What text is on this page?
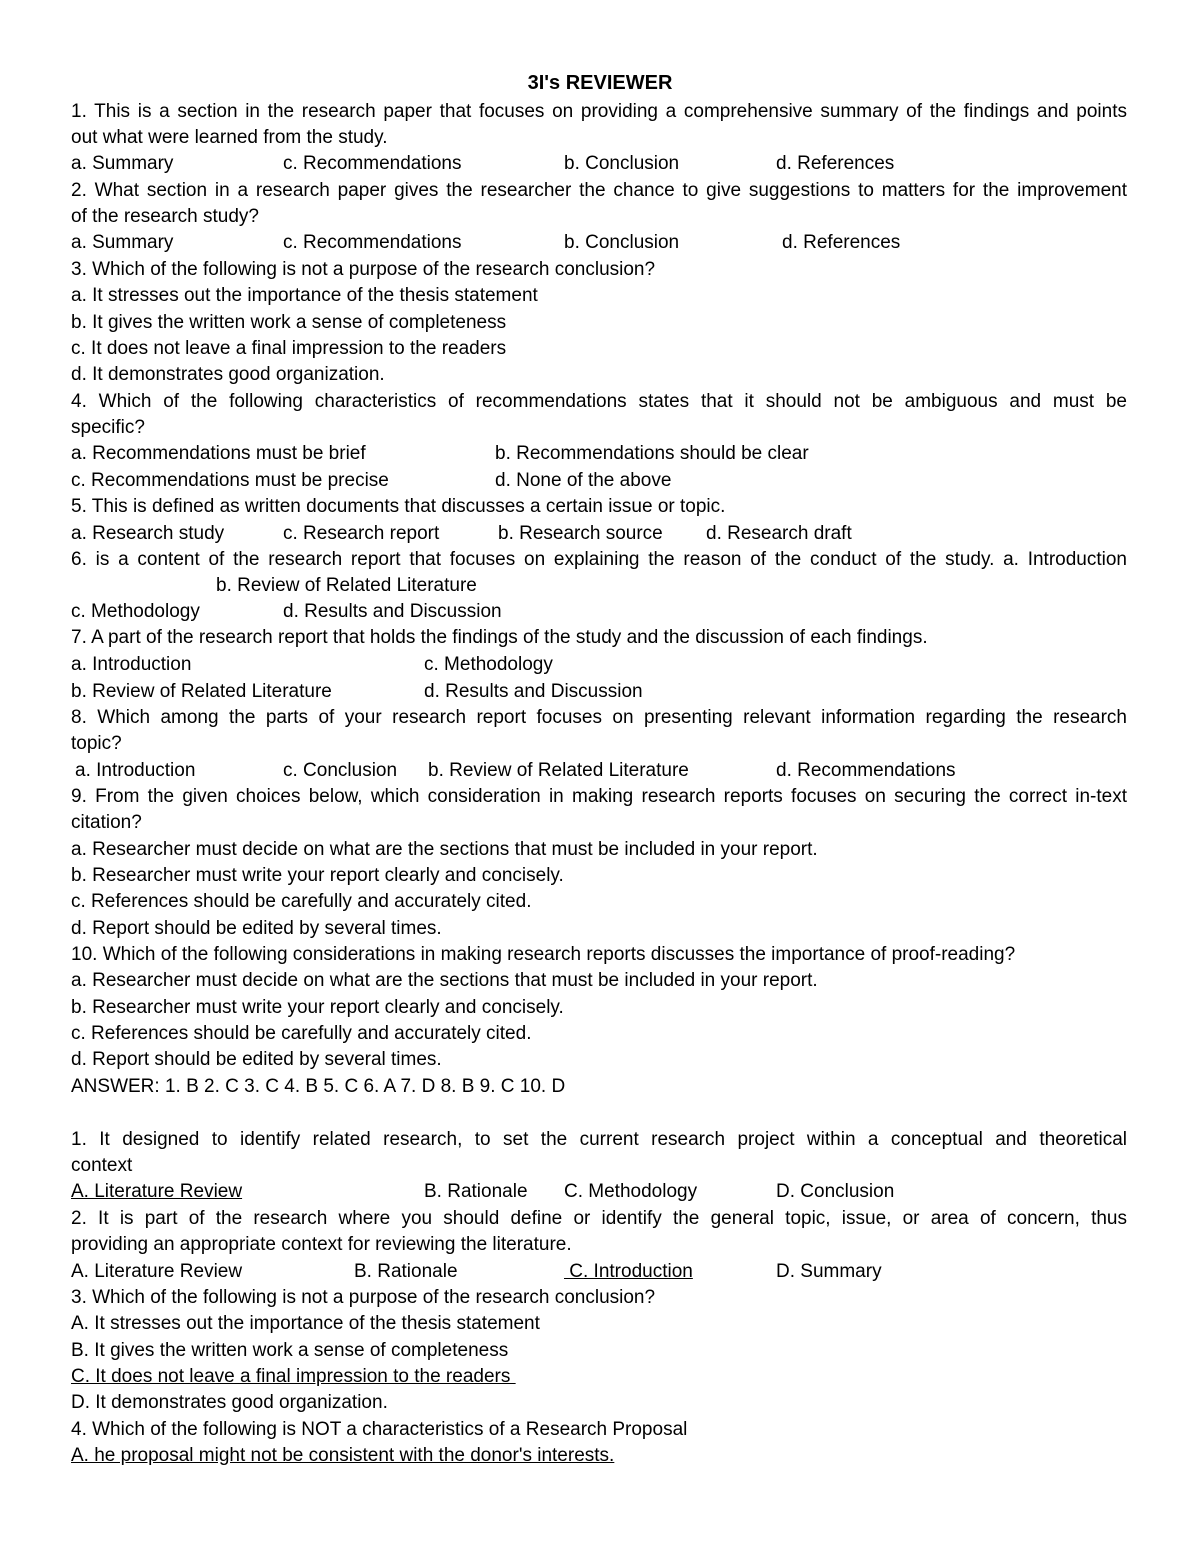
3I's REVIEWER
1. This is a section in the research paper that focuses on providing a comprehensive summary of the findings and points
out what were learned from the study.
a. Summary	c. Recommendations	b. Conclusion	d. References
2. What section in a research paper gives the researcher the chance to give suggestions to matters for the improvement
of the research study?
a. Summary	c. Recommendations	b. Conclusion	d. References
3. Which of the following is not a purpose of the research conclusion?
a. It stresses out the importance of the thesis statement
b. It gives the written work a sense of completeness
c. It does not leave a final impression to the readers
d. It demonstrates good organization.
4. Which of the following characteristics of recommendations states that it should not be ambiguous and must be
specific?
a. Recommendations must be brief	b. Recommendations should be clear
c. Recommendations must be precise	d. None of the above
5. This is defined as written documents that discusses a certain issue or topic.
a. Research study	c. Research report	b. Research source d. Research draft
6. is a content of the research report that focuses on explaining the reason of the conduct of the study. a. Introduction
b. Review of Related Literature
c. Methodology	d. Results and Discussion
7. A part of the research report that holds the findings of the study and the discussion of each findings.
a. Introduction	c. Methodology
b. Review of Related Literature	d. Results and Discussion
8. Which among the parts of your research report focuses on presenting relevant information regarding the research
topic?
a. Introduction	c. Conclusion b. Review of Related Literature	d. Recommendations
9. From the given choices below, which consideration in making research reports focuses on securing the correct in-text
citation?
a. Researcher must decide on what are the sections that must be included in your report.
b. Researcher must write your report clearly and concisely.
c. References should be carefully and accurately cited.
d. Report should be edited by several times.
10. Which of the following considerations in making research reports discusses the importance of proof-reading?
a. Researcher must decide on what are the sections that must be included in your report.
b. Researcher must write your report clearly and concisely.
c. References should be carefully and accurately cited.
d. Report should be edited by several times.
ANSWER: 1. B 2. C 3. C 4. B 5. C 6. A 7. D 8. B 9. C 10. D
1. It designed to identify related research, to set the current research project within a conceptual and theoretical
context
A. Literature Review	B. Rationale C. Methodology	D. Conclusion
2. It is part of the research where you should define or identify the general topic, issue, or area of concern, thus
providing an appropriate context for reviewing the literature.
A. Literature Review	B. Rationale	C. Introduction	D. Summary
3. Which of the following is not a purpose of the research conclusion?
A. It stresses out the importance of the thesis statement
B. It gives the written work a sense of completeness
C. It does not leave a final impression to the readers
D. It demonstrates good organization.
4. Which of the following is NOT a characteristics of a Research Proposal
A. he proposal might not be consistent with the donor's interests.
